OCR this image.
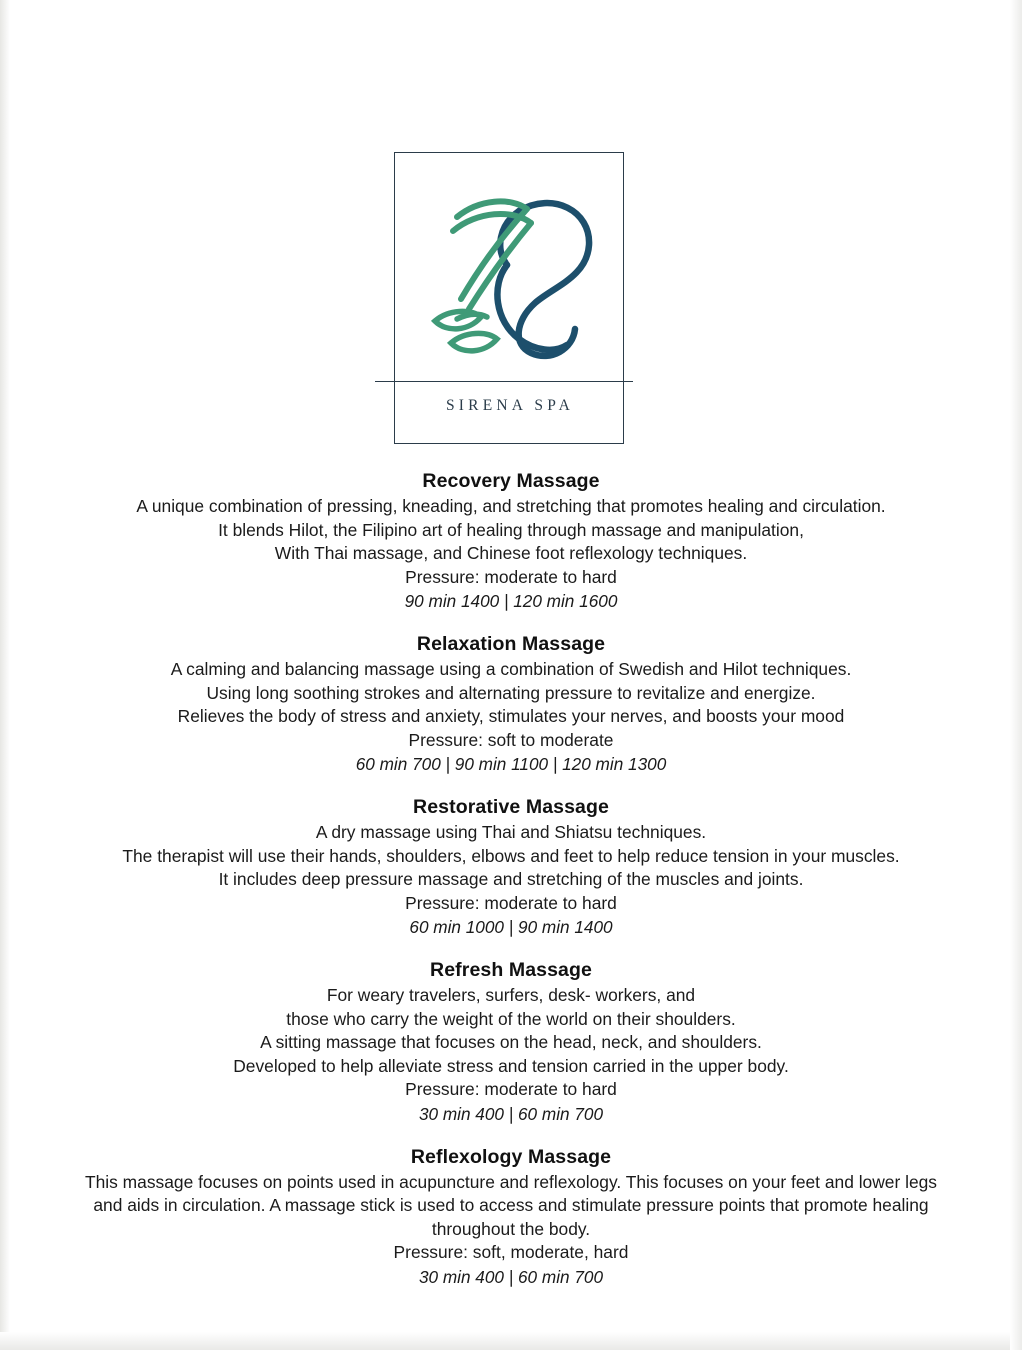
SIRENA SPA
Recovery Massage

A unique combination of pressing, kneading, and stretching that promotes healing and circulation.

It blends Hilot, the Filipino art of healing through massage and manipulation,

With Thai massage, and Chinese foot reflexology techniques.

Pressure: moderate to hard

90 min 1400 | 120 min 1600

Relaxation Massage

A calming and balancing massage using a combination of Swedish and Hilot techniques.

Using long soothing strokes and alternating pressure to revitalize and energize.

Relieves the body of stress and anxiety, stimulates your nerves, and boosts your mood

Pressure: soft to moderate

60 min 700 | 90 min 1100 | 120 min 1300

Restorative Massage

A dry massage using Thai and Shiatsu techniques.

The therapist will use their hands, shoulders, elbows and feet to help reduce tension in your muscles.

It includes deep pressure massage and stretching of the muscles and joints.

Pressure: moderate to hard

60 min 1000 | 90 min 1400

Refresh Massage

For weary travelers, surfers, desk- workers, and

those who carry the weight of the world on their shoulders.

A sitting massage that focuses on the head, neck, and shoulders.

Developed to help alleviate stress and tension carried in the upper body.

Pressure: moderate to hard

30 min 400 | 60 min 700

Reflexology Massage

This massage focuses on points used in acupuncture and reflexology. This focuses on your feet and lower legs

and aids in circulation. A massage stick is used to access and stimulate pressure points that promote healing

throughout the body.

Pressure: soft, moderate, hard

30 min 400 | 60 min 700
